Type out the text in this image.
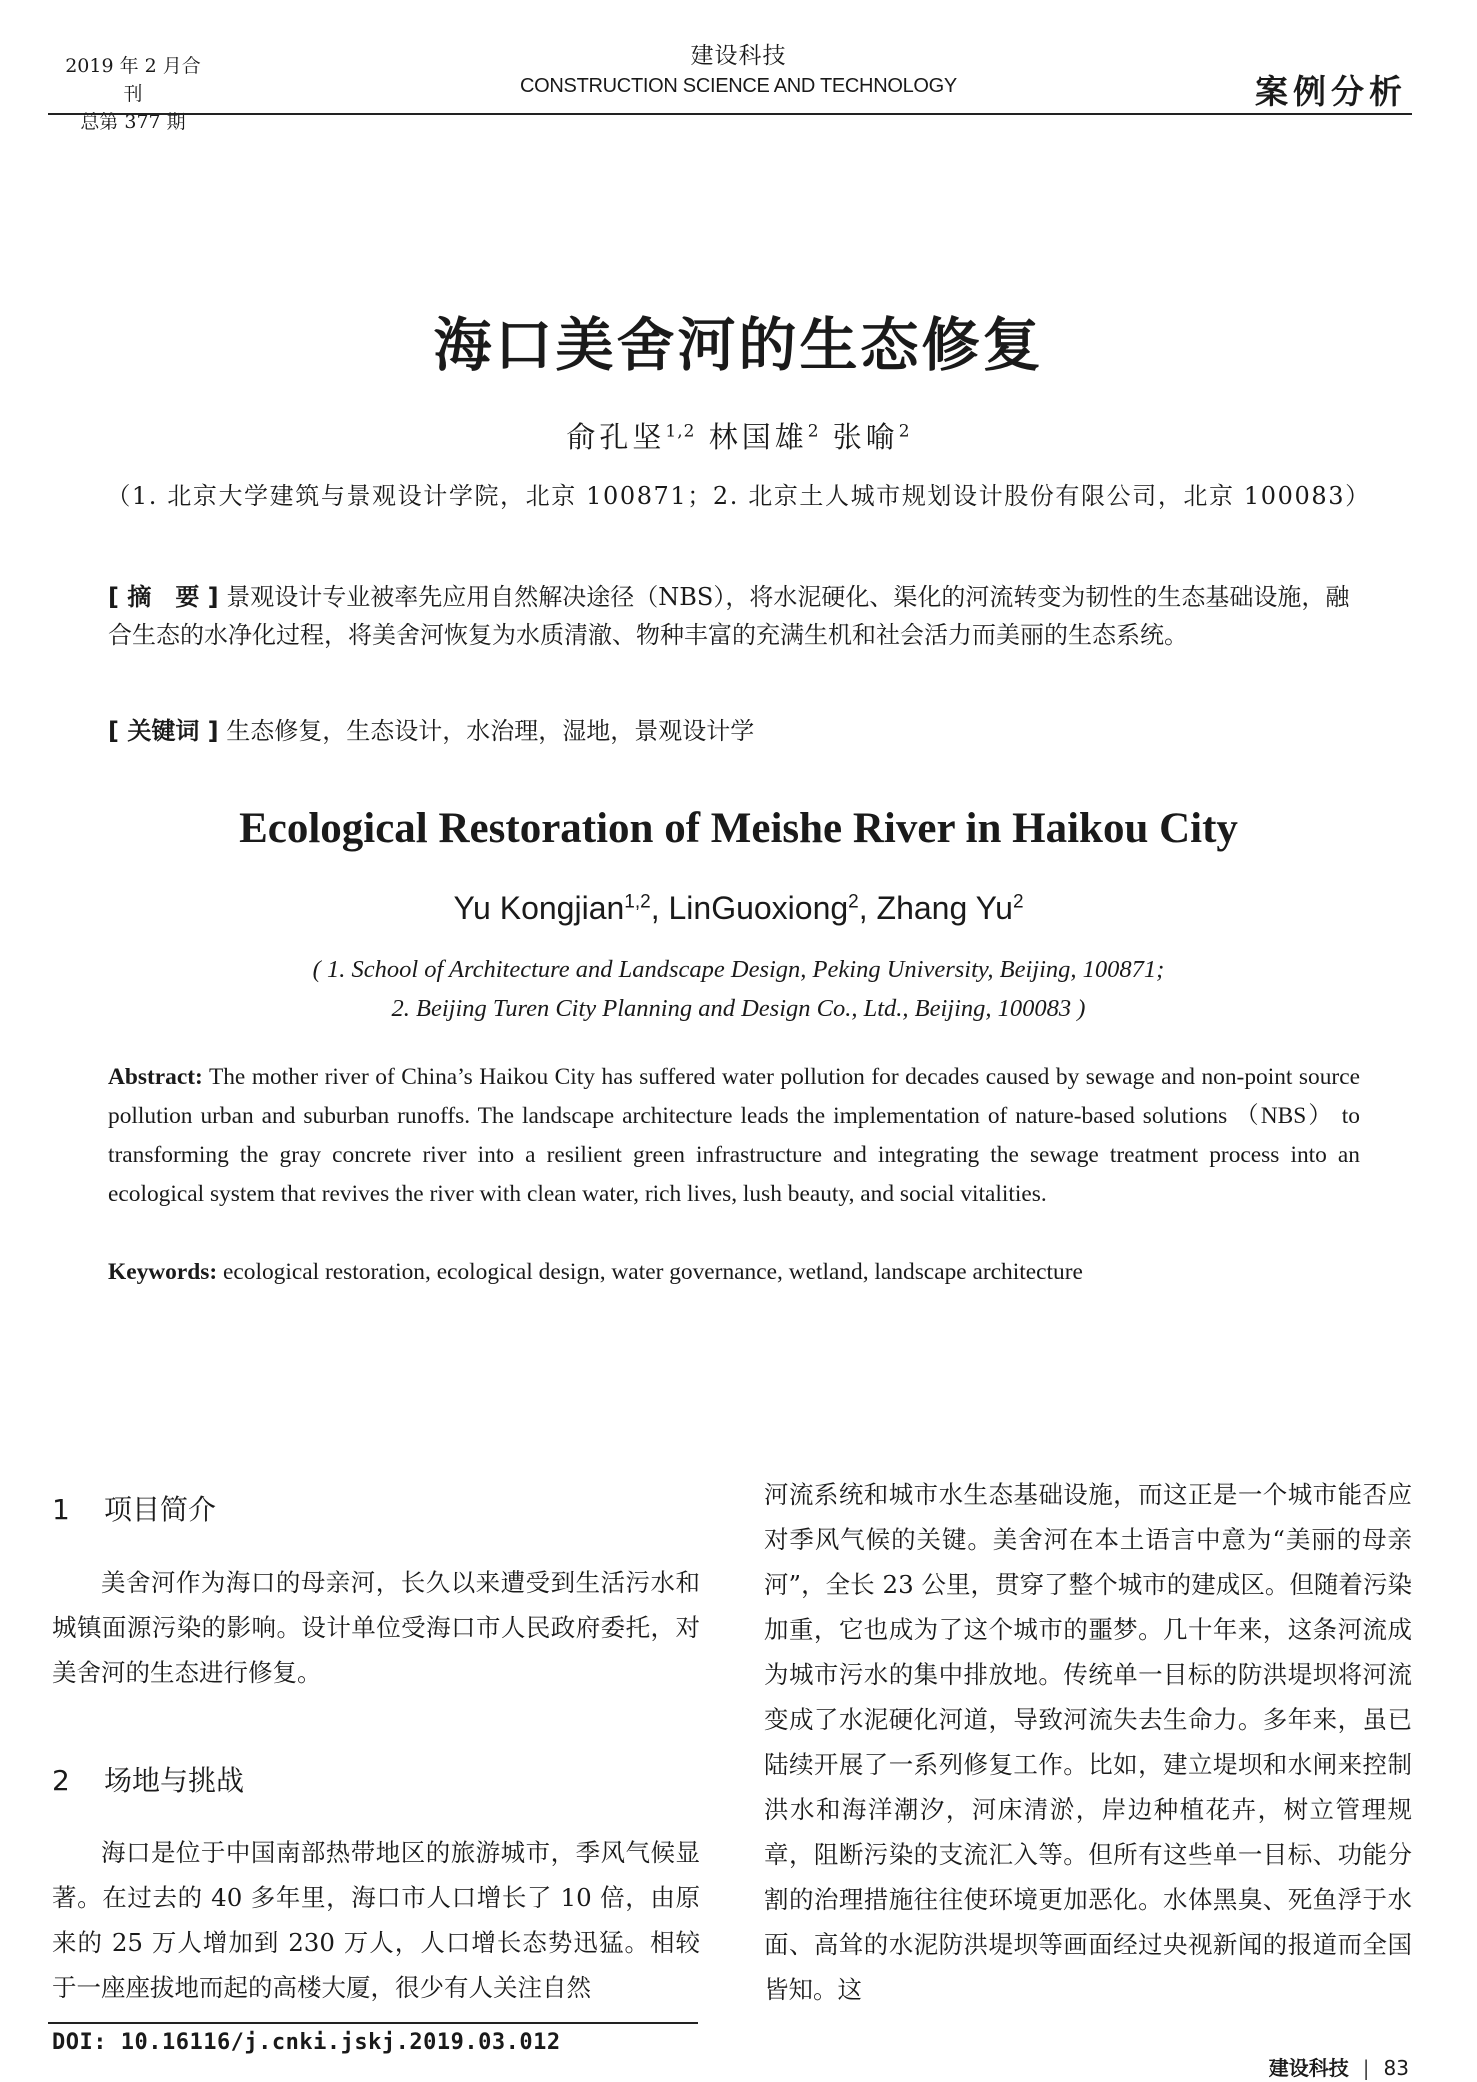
2019 年 2 月合刊
总第 377 期
建设科技
CONSTRUCTION SCIENCE AND TECHNOLOGY	案例分析
海口美舍河的生态修复
俞孔坚$^{1,2}$ 林国雄$^2$ 张喻$^2$
（1. 北京大学建筑与景观设计学院，北京 100871；2. 北京土人城市规划设计股份有限公司，北京 100083）
[ 摘　要 ] 景观设计专业被率先应用自然解决途径（NBS），将水泥硬化、渠化的河流转变为韧性的生态基础设施，融合生态的水净化过程，将美舍河恢复为水质清澈、物种丰富的充满生机和社会活力而美丽的生态系统。
[ 关键词 ] 生态修复，生态设计，水治理，湿地，景观设计学
Ecological Restoration of Meishe River in Haikou City
Yu Kongjian$^{1,2}$, LinGuoxiong$^2$, Zhang Yu$^2$
( 1. School of Architecture and Landscape Design, Peking University, Beijing, 100871;
2. Beijing Turen City Planning and Design Co., Ltd., Beijing, 100083 )
Abstract: The mother river of China’s Haikou City has suffered water pollution for decades caused by sewage and non-point source pollution urban and suburban runoffs. The landscape architecture leads the implementation of nature-based solutions （NBS） to transforming the gray concrete river into a resilient green infrastructure and integrating the sewage treatment process into an ecological system that revives the river with clean water, rich lives, lush beauty, and social vitalities.
Keywords: ecological restoration, ecological design, water governance, wetland, landscape architecture
1 项目简介
美舍河作为海口的母亲河，长久以来遭受到生活污水和城镇面源污染的影响。设计单位受海口市人民政府委托，对美舍河的生态进行修复。
2 场地与挑战
海口是位于中国南部热带地区的旅游城市，季风气候显著。在过去的 40 多年里，海口市人口增长了 10 倍，由原来的 25 万人增加到 230 万人，人口增长态势迅猛。相较于一座座拔地而起的高楼大厦，很少有人关注自然
河流系统和城市水生态基础设施，而这正是一个城市能否应对季风气候的关键。美舍河在本土语言中意为“美丽的母亲河”，全长 23 公里，贯穿了整个城市的建成区。但随着污染加重，它也成为了这个城市的噩梦。几十年来，这条河流成为城市污水的集中排放地。传统单一目标的防洪堤坝将河流变成了水泥硬化河道，导致河流失去生命力。多年来，虽已陆续开展了一系列修复工作。比如，建立堤坝和水闸来控制洪水和海洋潮汐，河床清淤，岸边种植花卉，树立管理规章，阻断污染的支流汇入等。但所有这些单一目标、功能分割的治理措施往往使环境更加恶化。水体黑臭、死鱼浮于水面、高耸的水泥防洪堤坝等画面经过央视新闻的报道而全国皆知。这
DOI: 10.16116/j.cnki.jskj.2019.03.012
建设科技 | 83
